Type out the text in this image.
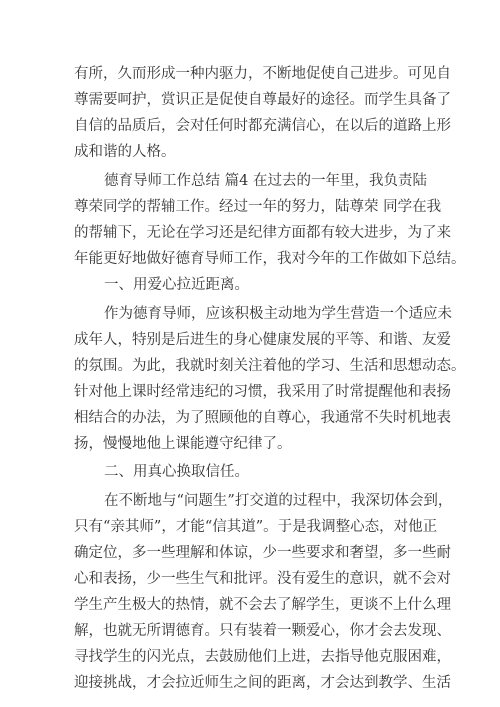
有所，久而形成一种内驱力，不断地促使自己进步。可见自
尊需要呵护，赏识正是促使自尊最好的途径。而学生具备了
自信的品质后，会对任何时都充满信心，在以后的道路上形
成和谐的人格。
德育导师工作总结 篇4 在过去的一年里，我负责陆
尊荣同学的帮辅工作。经过一年的努力，陆尊荣 同学在我
的帮辅下，无论在学习还是纪律方面都有较大进步，为了来
年能更好地做好德育导师工作，我对今年的工作做如下总结。
一、用爱心拉近距离。
作为德育导师，应该积极主动地为学生营造一个适应未
成年人，特别是后进生的身心健康发展的平等、和谐、友爱
的氛围。为此，我就时刻关注着他的学习、生活和思想动态。
针对他上课时经常违纪的习惯，我采用了时常提醒他和表扬
相结合的办法，为了照顾他的自尊心，我通常不失时机地表
扬，慢慢地他上课能遵守纪律了。
二、用真心换取信任。
在不断地与“问题生”打交道的过程中，我深切体会到，
只有“亲其师”，才能“信其道”。于是我调整心态，对他正
确定位，多一些理解和体谅，少一些要求和奢望，多一些耐
心和表扬，少一些生气和批评。没有爱生的意识，就不会对
学生产生极大的热情，就不会去了解学生，更谈不上什么理
解，也就无所谓德育。只有装着一颗爱心，你才会去发现、
寻找学生的闪光点，去鼓励他们上进，去指导他克服困难，
迎接挑战，才会拉近师生之间的距离，才会达到教学、生活
